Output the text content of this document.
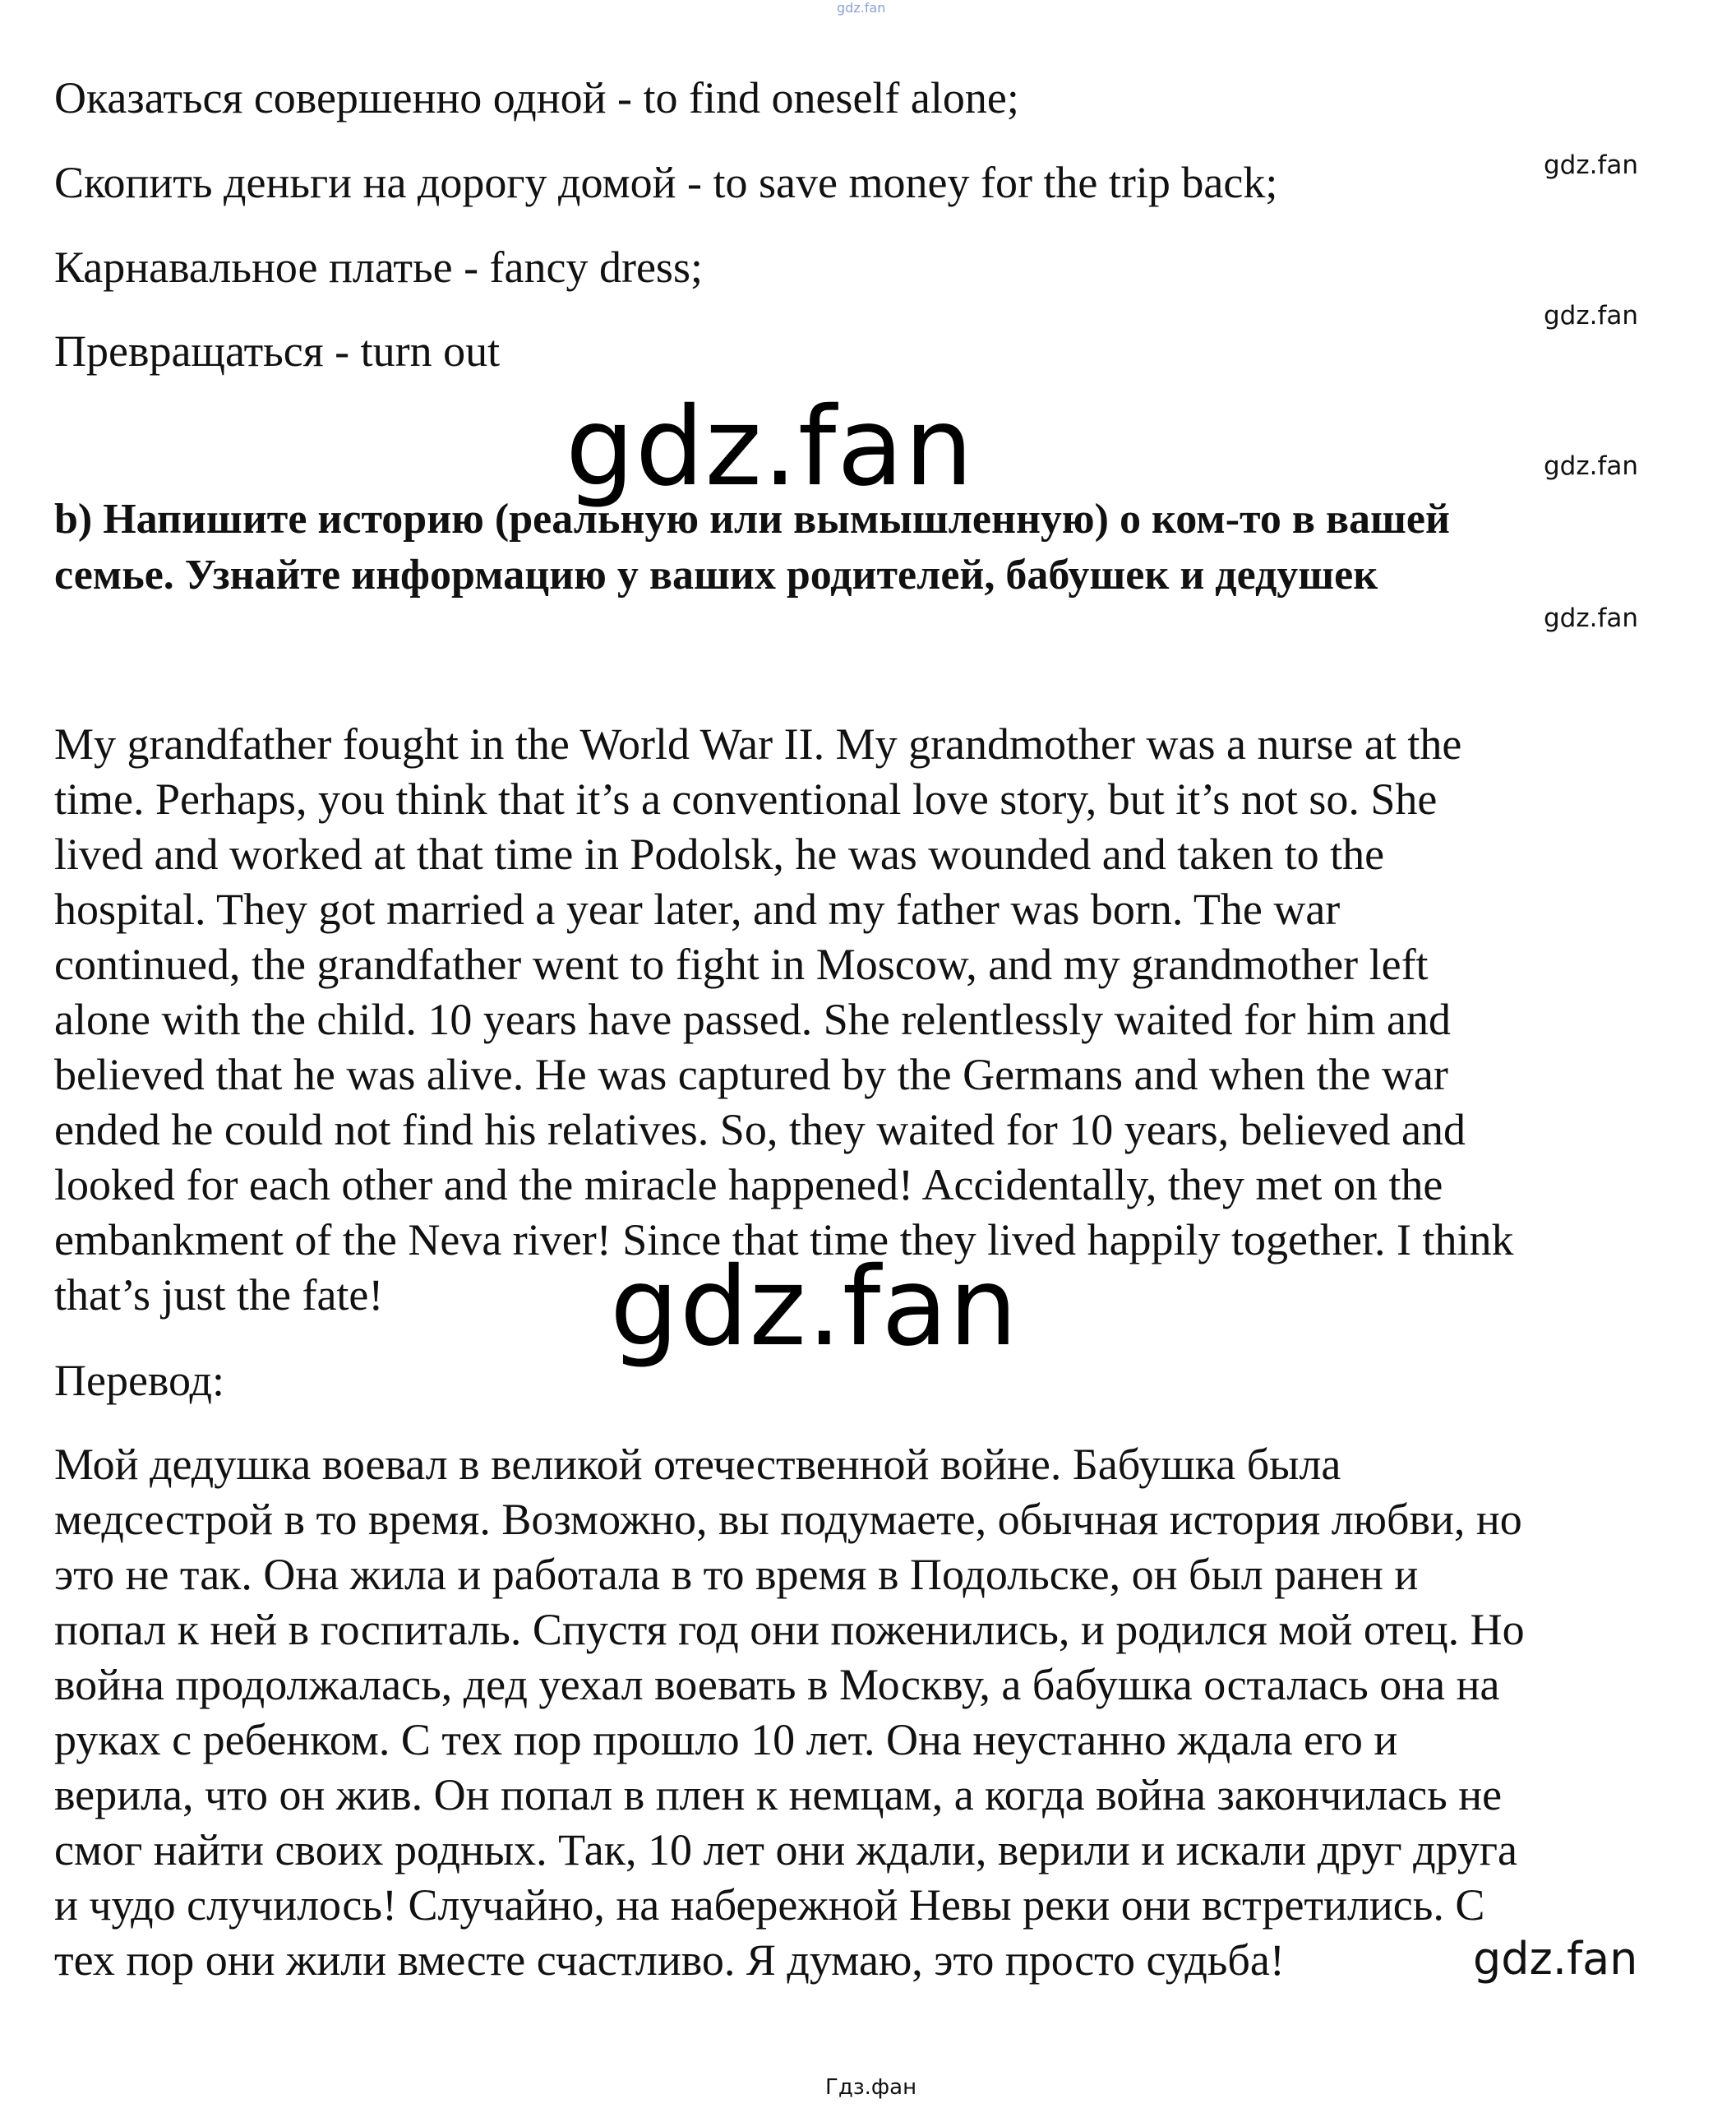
gdz.fan
Оказаться совершенно одной - to find oneself alone;
Скопить деньги на дорогу домой - to save money for the trip back;
Карнавальное платье - fancy dress;
Превращаться - turn out
gdz.fan
gdz.fan
gdz.fan
gdz.fan
gdz.fan
b) Напишите историю (реальную или вымышленную) о ком-то в вашей
семье. Узнайте информацию у ваших родителей, бабушек и дедушек
My grandfather fought in the World War II. My grandmother was a nurse at the
time. Perhaps, you think that it’s a conventional love story, but it’s not so. She
lived and worked at that time in Podolsk, he was wounded and taken to the
hospital. They got married a year later, and my father was born. The war
continued, the grandfather went to fight in Moscow, and my grandmother left
alone with the child. 10 years have passed. She relentlessly waited for him and
believed that he was alive. He was captured by the Germans and when the war
ended he could not find his relatives. So, they waited for 10 years, believed and
looked for each other and the miracle happened! Accidentally, they met on the
embankment of the Neva river! Since that time they lived happily together. I think
that’s just the fate!	gdz.fan
Перевод:
Мой дедушка воевал в великой отечественной войне. Бабушка была
медсестрой в то время. Возможно, вы подумаете, обычная история любви, но
это не так. Она жила и работала в то время в Подольске, он был ранен и
попал к ней в госпиталь. Спустя год они поженились, и родился мой отец. Но
война продолжалась, дед уехал воевать в Москву, а бабушка осталась она на
руках с ребенком. С тех пор прошло 10 лет. Она неустанно ждала его и
верила, что он жив. Он попал в плен к немцам, а когда война закончилась не
смог найти своих родных. Так, 10 лет они ждали, верили и искали друг друга
и чудо случилось! Случайно, на набережной Невы реки они встретились. С
тех пор они жили вместе счастливо. Я думаю, это просто судьба!	gdz.fan
Гдз.фан
